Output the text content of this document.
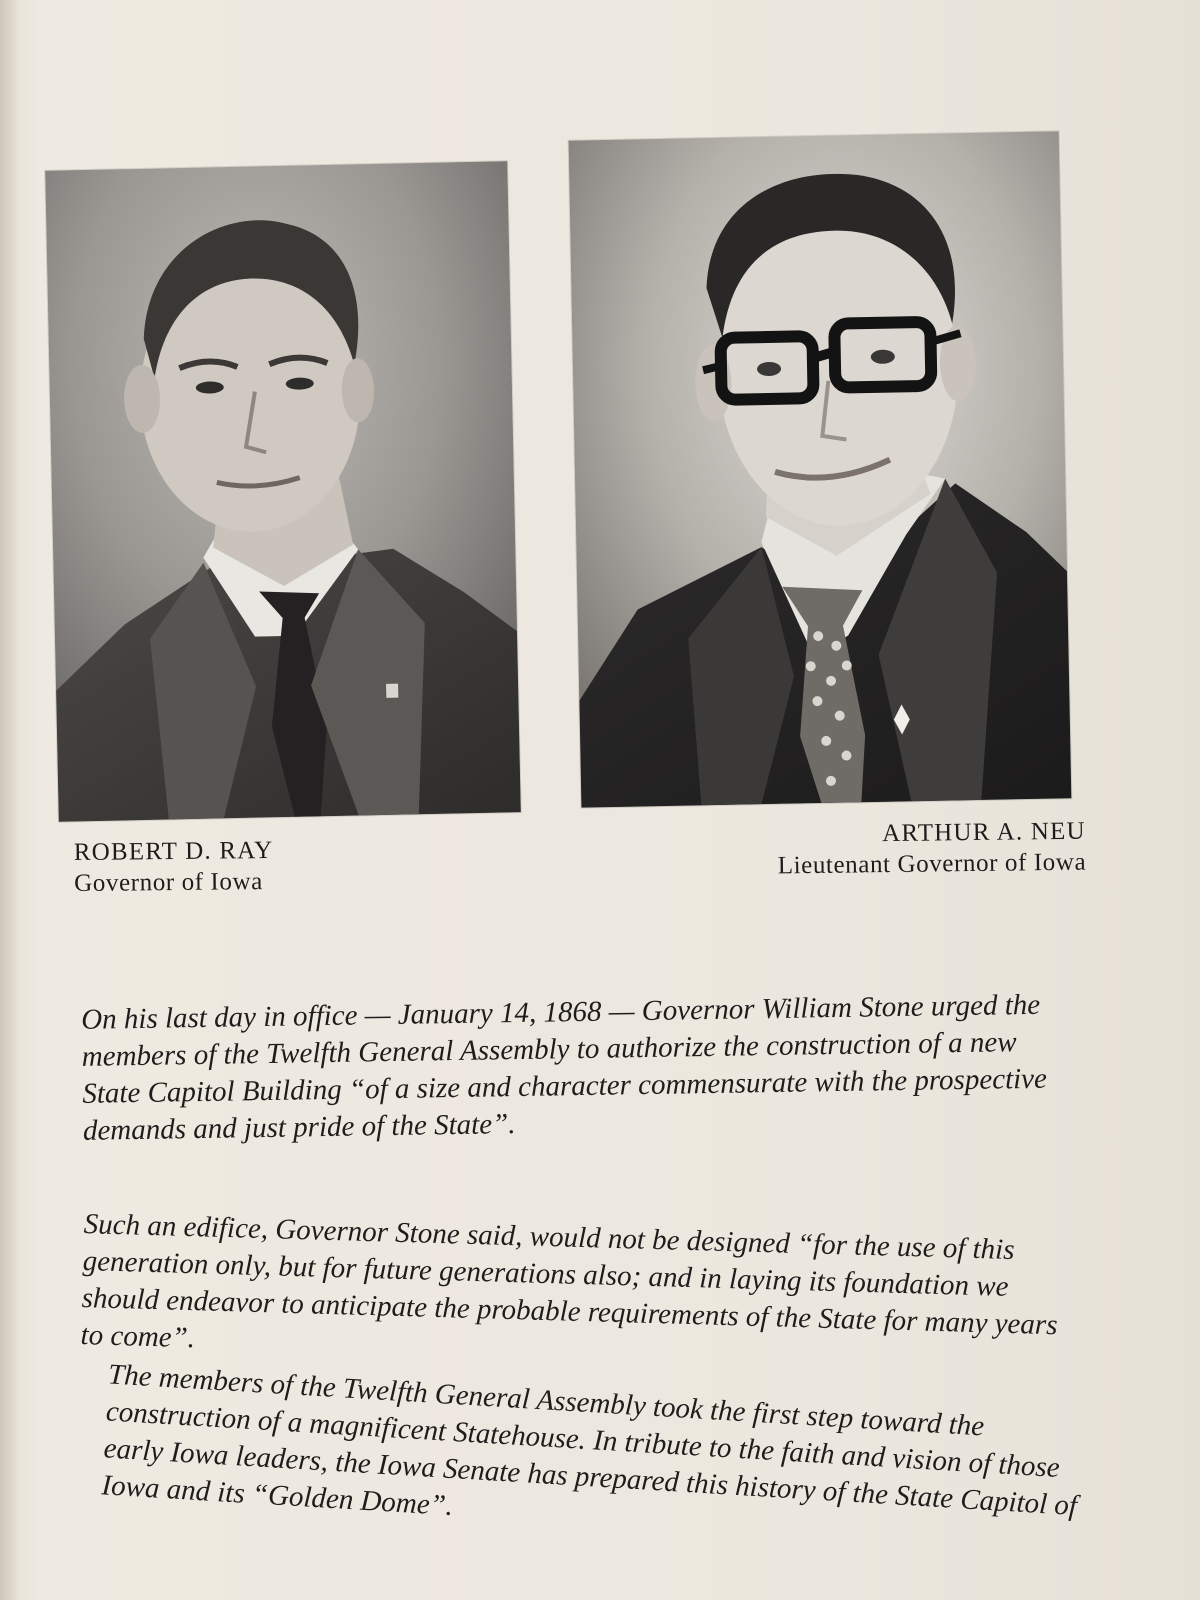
ROBERT D. RAY
Governor of Iowa
ARTHUR A. NEU
Lieutenant Governor of Iowa

On his last day in office — January 14, 1868 — Governor William Stone urged the members of the Twelfth General Assembly to authorize the construction of a new State Capitol Building “of a size and character commensurate with the prospective demands and just pride of the State”.

Such an edifice, Governor Stone said, would not be designed “for the use of this generation only, but for future generations also; and in laying its foundation we should endeavor to anticipate the probable requirements of the State for many years to come”.

The members of the Twelfth General Assembly took the first step toward the construction of a magnificent Statehouse. In tribute to the faith and vision of those early Iowa leaders, the Iowa Senate has prepared this history of the State Capitol of Iowa and its “Golden Dome”.
